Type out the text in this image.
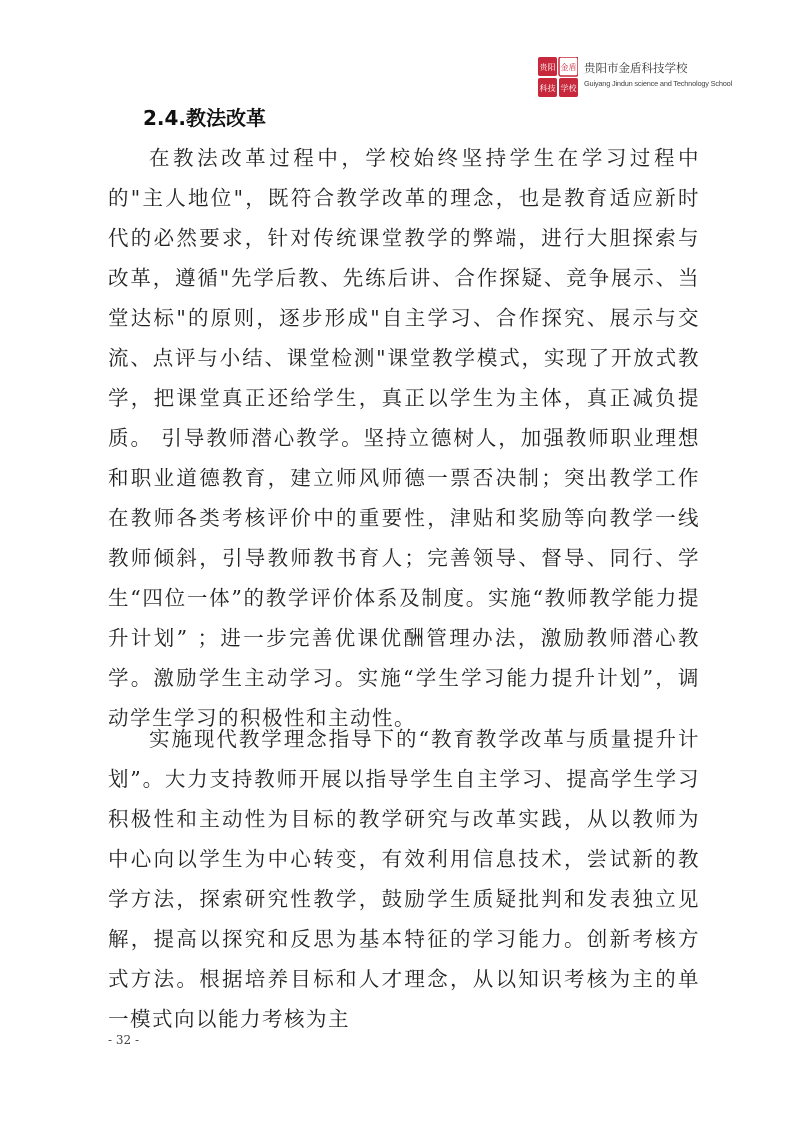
贵阳 金盾
科技 学校
贵阳市金盾科技学校
Guiyang Jindun science and Technology School
2.4.教法改革

在教法改革过程中，学校始终坚持学生在学习过程中的"主人地位"，既符合教学改革的理念，也是教育适应新时代的必然要求，针对传统课堂教学的弊端，进行大胆探索与改革，遵循"先学后教、先练后讲、合作探疑、竞争展示、当堂达标"的原则，逐步形成"自主学习、合作探究、展示与交流、点评与小结、课堂检测"课堂教学模式，实现了开放式教学，把课堂真正还给学生，真正以学生为主体，真正减负提质。 引导教师潜心教学。坚持立德树人，加强教师职业理想和职业道德教育，建立师风师德一票否决制；突出教学工作在教师各类考核评价中的重要性，津贴和奖励等向教学一线教师倾斜，引导教师教书育人；完善领导、督导、同行、学生“四位一体”的教学评价体系及制度。实施“教师教学能力提升计划” ；进一步完善优课优酬管理办法，激励教师潜心教学。激励学生主动学习。实施“学生学习能力提升计划”，调动学生学习的积极性和主动性。

实施现代教学理念指导下的“教育教学改革与质量提升计划”。大力支持教师开展以指导学生自主学习、提高学生学习积极性和主动性为目标的教学研究与改革实践，从以教师为中心向以学生为中心转变，有效利用信息技术，尝试新的教学方法，探索研究性教学，鼓励学生质疑批判和发表独立见解，提高以探究和反思为基本特征的学习能力。创新考核方式方法。根据培养目标和人才理念，从以知识考核为主的单一模式向以能力考核为主

- 32 -
